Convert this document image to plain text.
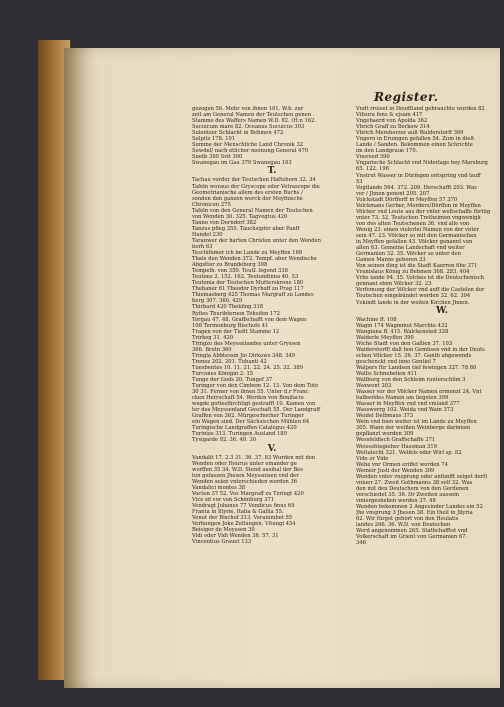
Register.
gezogen 56. Mehr von ihnen 161. W.b. zur
zeit am General Namen der Teutschen genen
Stamme des Waffers Namen W.D. 82. (H.n 162.
Sucuicum mare 82. Oceanus Sucuicus 303
Sulentzer Schlacht in Behmen 472
Sulpitz 178. 191
Summe der Menschliche Land Chronik 32
Suwdel/ nach etlicher meinung General 470
Suetb 390 Svit 390
Swanegau im Gau 370 Swanegau 103
T.
Tachau vorder der Teutschen Hafteborn 32. 34
Tafeln woraus der Gryscope oder Vetrascope die
Geometrianische allem des ersten Buchs /
sonden den ganzen werck der Meyfnische
Chronicen 275
Tafeln von den General Namen der Teutschen
von Wenden 30. 325. Tagvogtus 420
Tanno von Dorndorf 382
Tanzus pfleg 355. Tauchsipfer aber Panff
Handel 230
Taranwer der harten Christen unter den Wenden
berh 63
Teschifemer ich im Lande zu Meyffen 168
Thale den Wenden 372. Tempf. aber Wendische
Abgstter zu Brandeburg 398
Tempelh. von 350. Teutf. legend 338
Teutons 2. 152. 162. Teutondinna 40. 53
Teutonia der Teutschen Mutterskrone 180
Thebaner 61 Theodor Dyrhoff zu Prag 117
Thiemasberg 425 Thomas Margraff zu Landes
berg 307. 360. 429
Thirbard 420 Thekfing 318
Ryfies Thuribteruon Tehsifen 172
Torgau 47. 48. Graffschafft von dem Wagen
108 Termonburg Bischofe 41
Tragen von der Tieflt Stamme 12
Trirkeg 31. 420
Tringzo des Meyssnlandes unter Gryssen
366. Brotn 360
Tringla Abbtessin Jio Dirkows 348. 349
Trenez 202. 201. Tubanti 42
Tuesbentes 10. 11. 21. 22. 24. 25. 32. 389
Turcones Königin 2. 15
Tunge der Gods 20. Tungef 37
Turinger von den Cimbem 12. 13. Von dem Tote
30 31. Ferner von ihnen 55. Unter d.r Franc
cken Herrschaft 54. Werden von Bonifacio
wegde gottesfürchtigt gestrafft 10. Kamen von
ter des Meyssenland Geschaft 55. Der Landgraff
Graffen von 362. Mürgeschocher Turinger
ein Wagen sind. Der Sächsischen Mühlen 64
Turingische Landgraffen Catalogus 420
Turinies 313. Turingen Ausland 180
Tysigarde 92. 36. 40. 30
V.
Vandalit 17. 2.3 31. 36. 37. 83 Wurden mit den
Wenden oder Heurus unter einander ge
worffen 35 34. W.D. Stend ausihal der Bes
ten gefaszen Jhesen Meyssnisen vnd der
Wenden seien vnterschieden worden 36
Vandalici montes 38
Vocten 37 52. Vos Margraff zu Tzringt 420
Vice zd vor von Schönburg 371
Vendragt Johanes 77 Vendicus finus 69
Franta in Illyrie, Italia & Gallia 55.
Venut der Bischof 313. Veranimbet 55
Verhungen Joke Zellungen. Vitungi 454
Beisiger de Meyssen 30
Vidi oder Vidi Wenden 36. 57. 31
Vincentius Grauet 133
Vndt rreiset in Deudtland gebrauchte worden 82
Vifsura fons & ejsam 417
Vngebaerd von Apolda 362
Vbrich Graff zu Berkow 314
Vbrich Mereberzer auß Walderstorff 369
Vngern in Eruingen gefallen 54. Zum in dieß
Lande / Sanden. Bekommen einen Schrichte
im den Landgraue 170.
Vnereed 390
Vngarische Schlacht vnd Niderlage bey Marsburg
65. 122. 196
Vnstrut Wasser in Düringen entspring vnd lauff
53
Vogtlande 564. 372. 209. Herschafft 203. Was
vor / Jhnen genent 205. 207
Volckstadt Dörfferff in Meyffen 57 370
Volckmans Gerber, Morders/Dörffen in Meyffen
Völcker vnd Leute aus der vnter weltschaffe fürtüg
vnter 73. 32. Teutschen Tretheimen vngwenigk
von des alten Teutschenen 36. vnd alle von
Wenig 23. einen vielerlei Namen von der vnter
sein 47. 23. Völcker so mit den Germanischen
in Meyffen gefallen 43. Völcker genannt von
alten 63. Gemeine Landschaft vnd weiter
Germanien 32. 35. Völcker so unter den
Gamen Manns geboren 33
Von seinen ding ist die Stadt Kaerren fibe 371
Vranislaus König zu Behmen 368. 283. 404
Vrbe lande 94. 35. Volckes ist die Deutschenisch
gennant eben Völcker 32. 23
Verfemung der Völcker vnd auff die Castelen der
Teutschen eingebündet worden 32. 62. 394
Vskindt lande in der weiten Kirchen Jhnen.
W.
Wachine ff. 108
Wagin 174 Wagmmut Marchte 432
Wangiana ff. 415. Walckensted 328
Walderle Meyffen 390
Wiche Stadt von den Gallien 37. 103
Walderstorff/ daß bon Gemüsen vnd in der Deuts
schen Völcker 15. 36. 37. Ganth abgewends
geschenckt vnd inno Gentiel 7
Walpers für Landsen tief fewingen 327. 78 80
Wallis Schnebelien 411
Wallburg von den Schleim runterschlim 3
Waxwent 203
Wasser vor der Völcker Namen ermenzt 24. Vnt
halbsoldes Namen am liegsten 399
Wasser in Meyffen vnd vnd vmland 377
Wasswerrg 102. Weida vnd Wain 373
Weidel Delbmaus 373
Wein vnd bien weiter ist im Lande zu Meyffen
305. Wann der weißen Weinberge darinnen
gepflanzt worden 309
Wessfeldisch Graffschaffe 371
Weissehtegieher Hassman 319
Weltalecht 321. Welfels oder Wirl sp. 82
Vide or Vide
Wehe vnr Ormen eriffet worden 74
Wemeir Justi der Wenden 309
Wenden vnter vnsprung oder anfunfft zeiget derf)
vniuer 27. Zweit Gothmanns 38 self 32. Was
den mit den Deutschem von den Gerdenen
verschiedet 35. 36. Dr Zweiten aussem
vmiergesheben werden 37. 48
Wenden bekommen 2 Angesinder Landes ein 52
Jhe vnsprung 3 Jhesen 38. Ein theil in Jllyria
62. Wir fürget gehört von den Heulatis
landes 266. 36. W.D. von Deutschen
Werd angenommen 265. Stathchafftet vnd
Volkerschaft im Grient von Germanien 67.
346
